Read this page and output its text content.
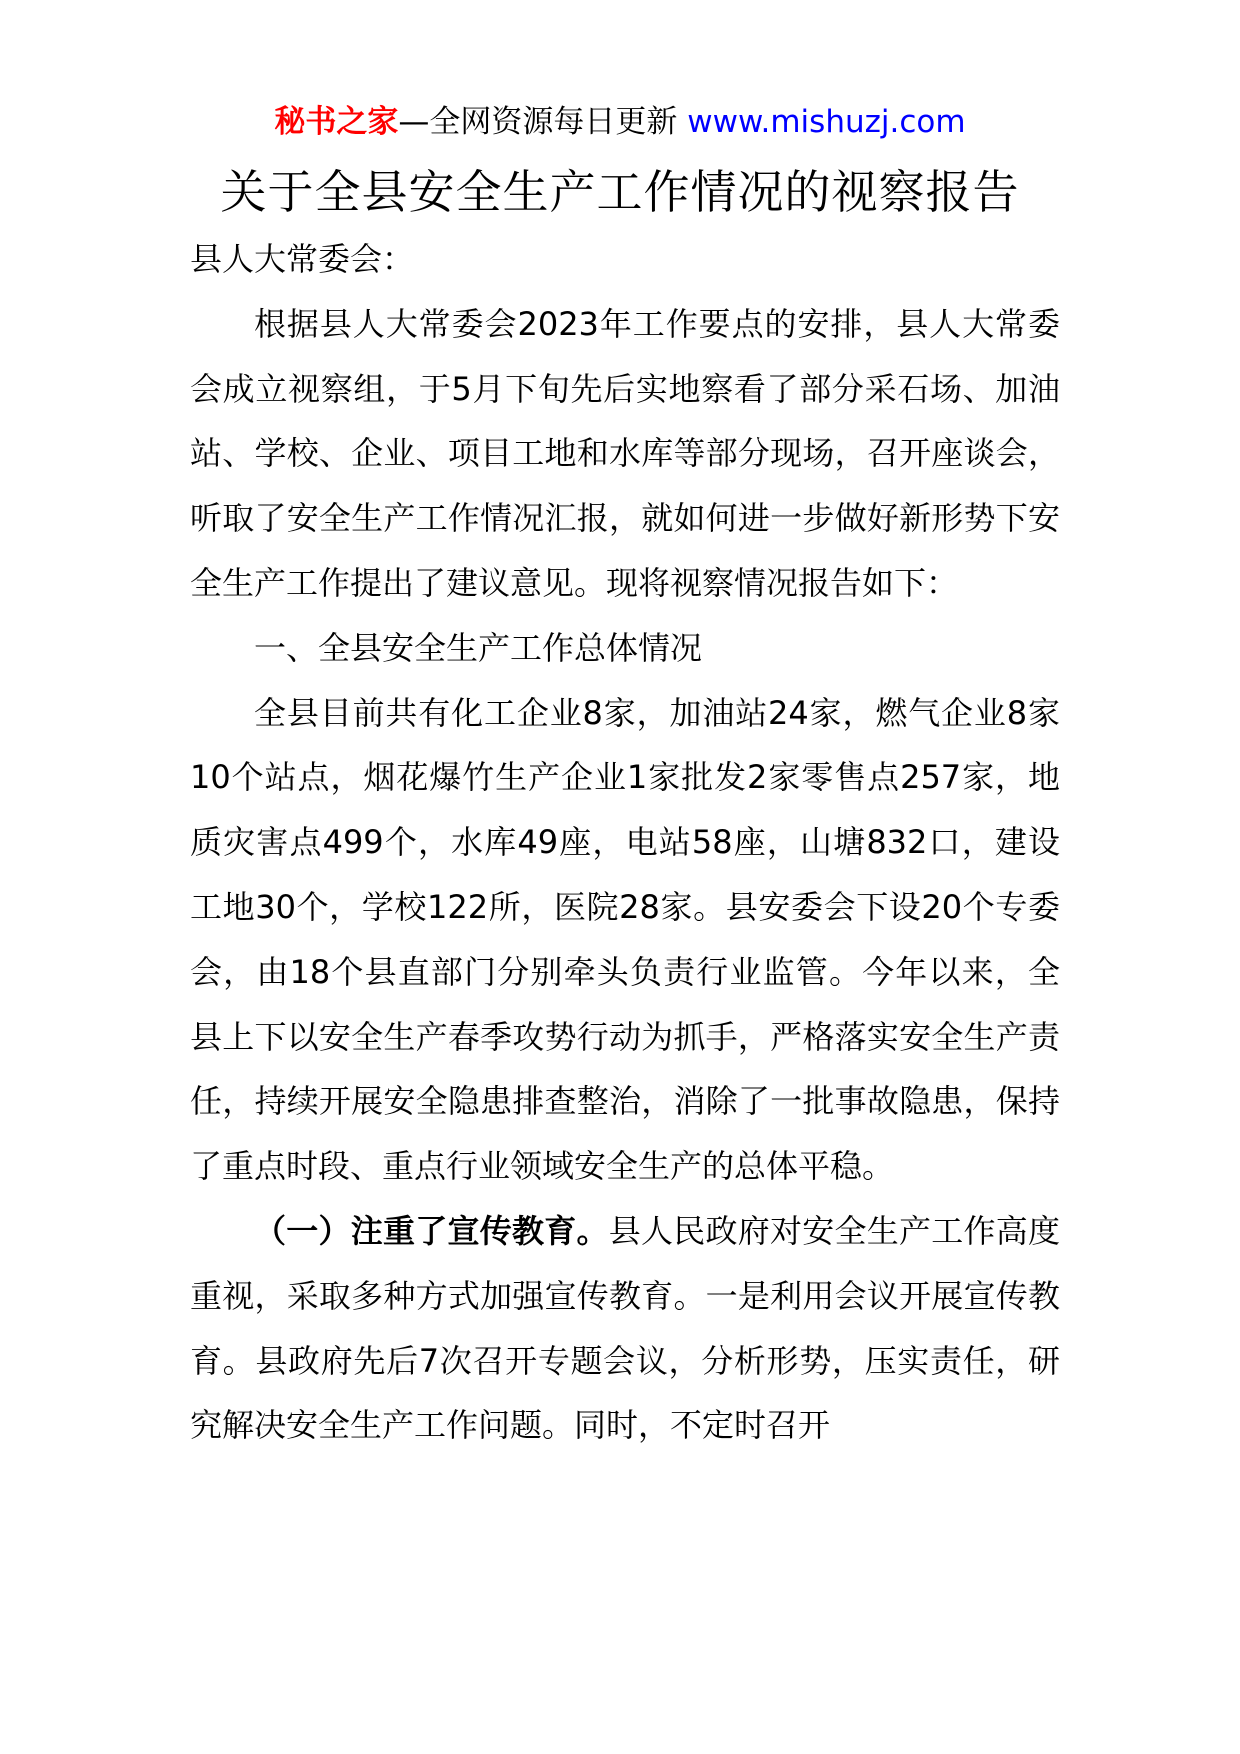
秘书之家—全网资源每日更新 www.mishuzj.com
关于全县安全生产工作情况的视察报告

县人大常委会：

根据县人大常委会2023年工作要点的安排，县人大常委会成立视察组，于5月下旬先后实地察看了部分采石场、加油站、学校、企业、项目工地和水库等部分现场，召开座谈会，听取了安全生产工作情况汇报，就如何进一步做好新形势下安全生产工作提出了建议意见。现将视察情况报告如下：

一、全县安全生产工作总体情况

全县目前共有化工企业8家，加油站24家，燃气企业8家10个站点，烟花爆竹生产企业1家批发2家零售点257家，地质灾害点499个，水库49座，电站58座，山塘832口，建设工地30个，学校122所，医院28家。县安委会下设20个专委会，由18个县直部门分别牵头负责行业监管。今年以来，全县上下以安全生产春季攻势行动为抓手，严格落实安全生产责任，持续开展安全隐患排查整治，消除了一批事故隐患，保持了重点时段、重点行业领域安全生产的总体平稳。

（一）注重了宣传教育。县人民政府对安全生产工作高度重视，采取多种方式加强宣传教育。一是利用会议开展宣传教育。县政府先后7次召开专题会议，分析形势，压实责任，研究解决安全生产工作问题。同时，不定时召开
